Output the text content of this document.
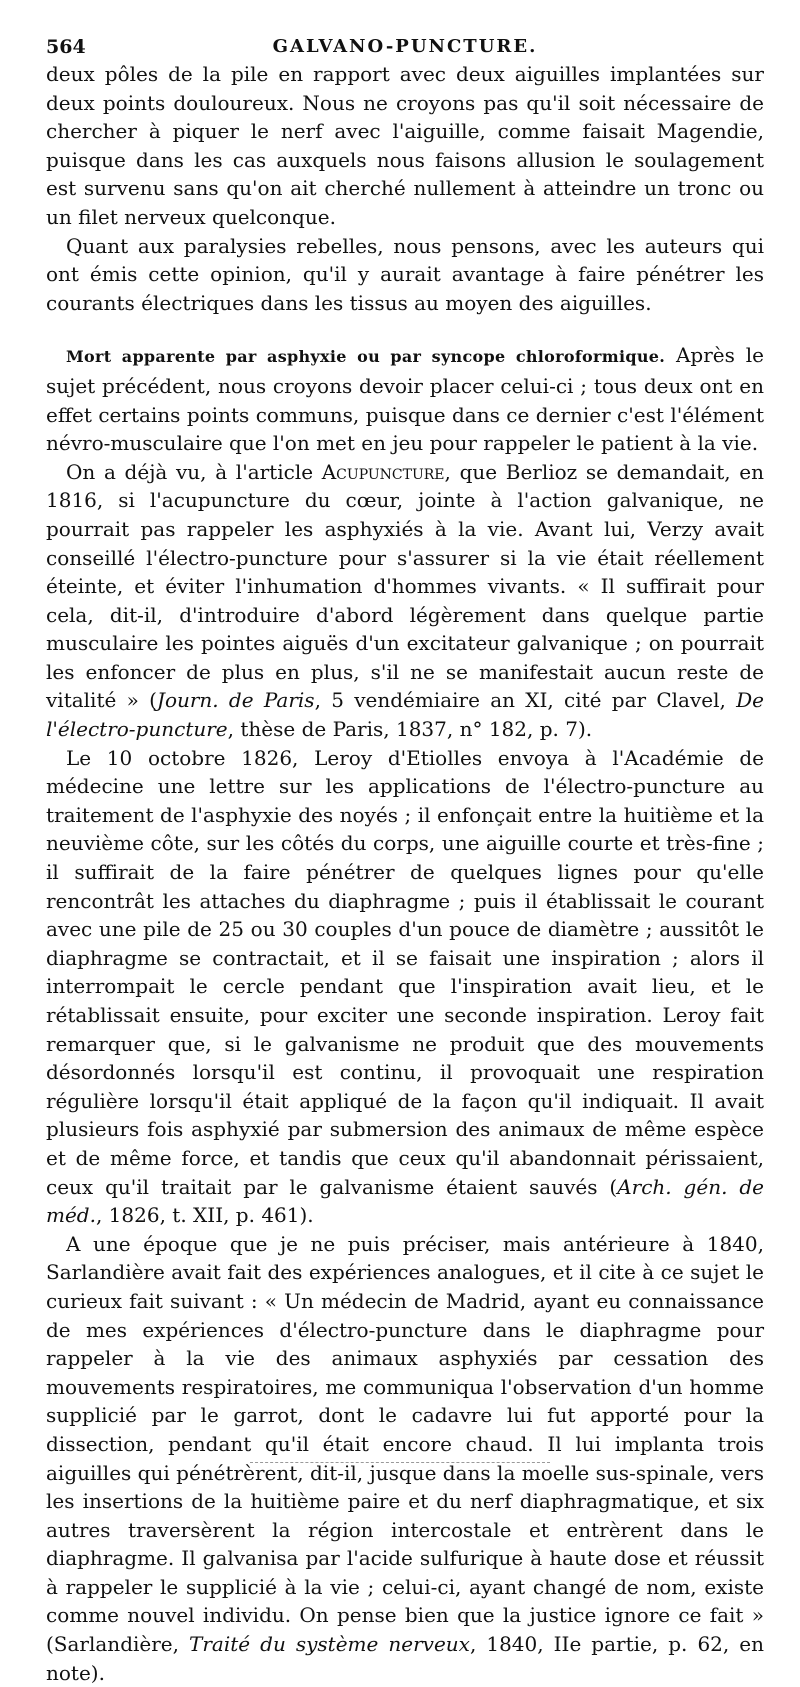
564	GALVANO-PUNCTURE.

deux pôles de la pile en rapport avec deux aiguilles implantées sur deux points douloureux. Nous ne croyons pas qu'il soit nécessaire de chercher à piquer le nerf avec l'aiguille, comme faisait Magendie, puisque dans les cas auxquels nous faisons allusion le soulagement est survenu sans qu'on ait cherché nullement à atteindre un tronc ou un filet nerveux quelconque.

Quant aux paralysies rebelles, nous pensons, avec les auteurs qui ont émis cette opinion, qu'il y aurait avantage à faire pénétrer les courants électriques dans les tissus au moyen des aiguilles.

Mort apparente par asphyxie ou par syncope chloroformique. Après le sujet précédent, nous croyons devoir placer celui-ci ; tous deux ont en effet certains points communs, puisque dans ce dernier c'est l'élément névro-musculaire que l'on met en jeu pour rappeler le patient à la vie.

On a déjà vu, à l'article Acupuncture, que Berlioz se demandait, en 1816, si l'acupuncture du cœur, jointe à l'action galvanique, ne pourrait pas rappeler les asphyxiés à la vie. Avant lui, Verzy avait conseillé l'électro-puncture pour s'assurer si la vie était réellement éteinte, et éviter l'inhumation d'hommes vivants. « Il suffirait pour cela, dit-il, d'introduire d'abord légèrement dans quelque partie musculaire les pointes aiguës d'un excitateur galvanique ; on pourrait les enfoncer de plus en plus, s'il ne se manifestait aucun reste de vitalité » (Journ. de Paris, 5 vendémiaire an XI, cité par Clavel, De l'électro-puncture, thèse de Paris, 1837, n° 182, p. 7).

Le 10 octobre 1826, Leroy d'Etiolles envoya à l'Académie de médecine une lettre sur les applications de l'électro-puncture au traitement de l'asphyxie des noyés ; il enfonçait entre la huitième et la neuvième côte, sur les côtés du corps, une aiguille courte et très-fine ; il suffirait de la faire pénétrer de quelques lignes pour qu'elle rencontrât les attaches du diaphragme ; puis il établissait le courant avec une pile de 25 ou 30 couples d'un pouce de diamètre ; aussitôt le diaphragme se contractait, et il se faisait une inspiration ; alors il interrompait le cercle pendant que l'inspiration avait lieu, et le rétablissait ensuite, pour exciter une seconde inspiration. Leroy fait remarquer que, si le galvanisme ne produit que des mouvements désordonnés lorsqu'il est continu, il provoquait une respiration régulière lorsqu'il était appliqué de la façon qu'il indiquait. Il avait plusieurs fois asphyxié par submersion des animaux de même espèce et de même force, et tandis que ceux qu'il abandonnait périssaient, ceux qu'il traitait par le galvanisme étaient sauvés (Arch. gén. de méd., 1826, t. XII, p. 461).

A une époque que je ne puis préciser, mais antérieure à 1840, Sarlandière avait fait des expériences analogues, et il cite à ce sujet le curieux fait suivant : « Un médecin de Madrid, ayant eu connaissance de mes expériences d'électro-puncture dans le diaphragme pour rappeler à la vie des animaux asphyxiés par cessation des mouvements respiratoires, me communiqua l'observation d'un homme supplicié par le garrot, dont le cadavre lui fut apporté pour la dissection, pendant qu'il était encore chaud. Il lui implanta trois aiguilles qui pénétrèrent, dit-il, jusque dans la moelle sus-spinale, vers les insertions de la huitième paire et du nerf diaphragmatique, et six autres traversèrent la région intercostale et entrèrent dans le diaphragme. Il galvanisa par l'acide sulfurique à haute dose et réussit à rappeler le supplicié à la vie ; celui-ci, ayant changé de nom, existe comme nouvel individu. On pense bien que la justice ignore ce fait » (Sarlandière, Traité du système nerveux, 1840, IIe partie, p. 62, en note).
